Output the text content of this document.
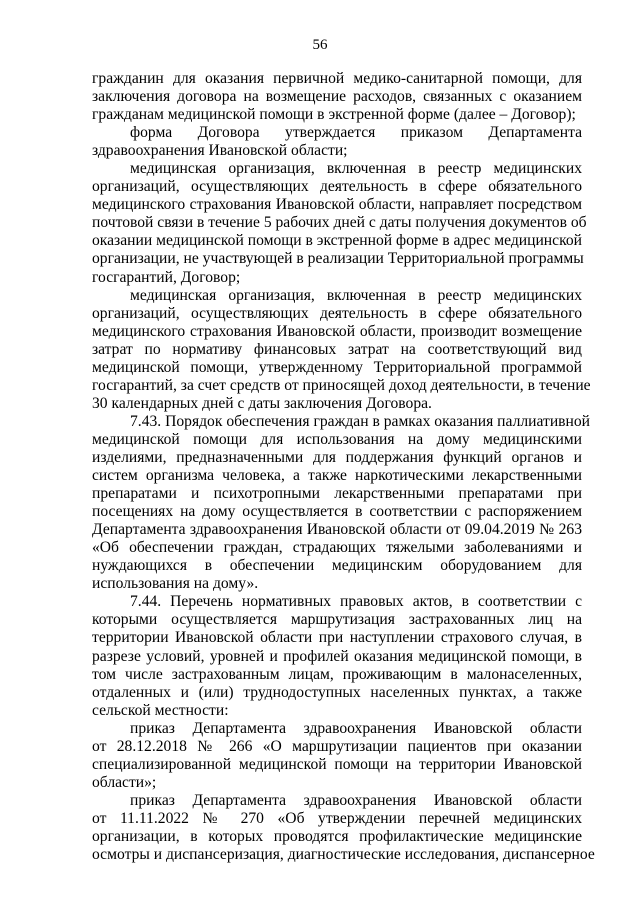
56
гражданин для оказания первичной медико-санитарной помощи, для
заключения договора на возмещение расходов, связанных с оказанием
гражданам медицинской помощи в экстренной форме (далее – Договор);
форма Договора утверждается приказом Департамента
здравоохранения Ивановской области;
медицинская организация, включенная в реестр медицинских
организаций, осуществляющих деятельность в сфере обязательного
медицинского страхования Ивановской области, направляет посредством
почтовой связи в течение 5 рабочих дней с даты получения документов об
оказании медицинской помощи в экстренной форме в адрес медицинской
организации, не участвующей в реализации Территориальной программы
госгарантий, Договор;
медицинская организация, включенная в реестр медицинских
организаций, осуществляющих деятельность в сфере обязательного
медицинского страхования Ивановской области, производит возмещение
затрат по нормативу финансовых затрат на соответствующий вид
медицинской помощи, утвержденному Территориальной программой
госгарантий, за счет средств от приносящей доход деятельности, в течение
30 календарных дней с даты заключения Договора.
7.43. Порядок обеспечения граждан в рамках оказания паллиативной
медицинской помощи для использования на дому медицинскими
изделиями, предназначенными для поддержания функций органов и
систем организма человека, а также наркотическими лекарственными
препаратами и психотропными лекарственными препаратами при
посещениях на дому осуществляется в соответствии с распоряжением
Департамента здравоохранения Ивановской области от 09.04.2019 № 263
«Об обеспечении граждан, страдающих тяжелыми заболеваниями и
нуждающихся в обеспечении медицинским оборудованием для
использования на дому».
7.44. Перечень нормативных правовых актов, в соответствии с
которыми осуществляется маршрутизация застрахованных лиц на
территории Ивановской области при наступлении страхового случая, в
разрезе условий, уровней и профилей оказания медицинской помощи, в
том числе застрахованным лицам, проживающим в малонаселенных,
отдаленных и (или) труднодоступных населенных пунктах, а также
сельской местности:
приказ Департамента здравоохранения Ивановской области
от 28.12.2018 № 266 «О маршрутизации пациентов при оказании
специализированной медицинской помощи на территории Ивановской
области»;
приказ Департамента здравоохранения Ивановской области
от 11.11.2022 № 270 «Об утверждении перечней медицинских
организации, в которых проводятся профилактические медицинские
осмотры и диспансеризация, диагностические исследования, диспансерное
